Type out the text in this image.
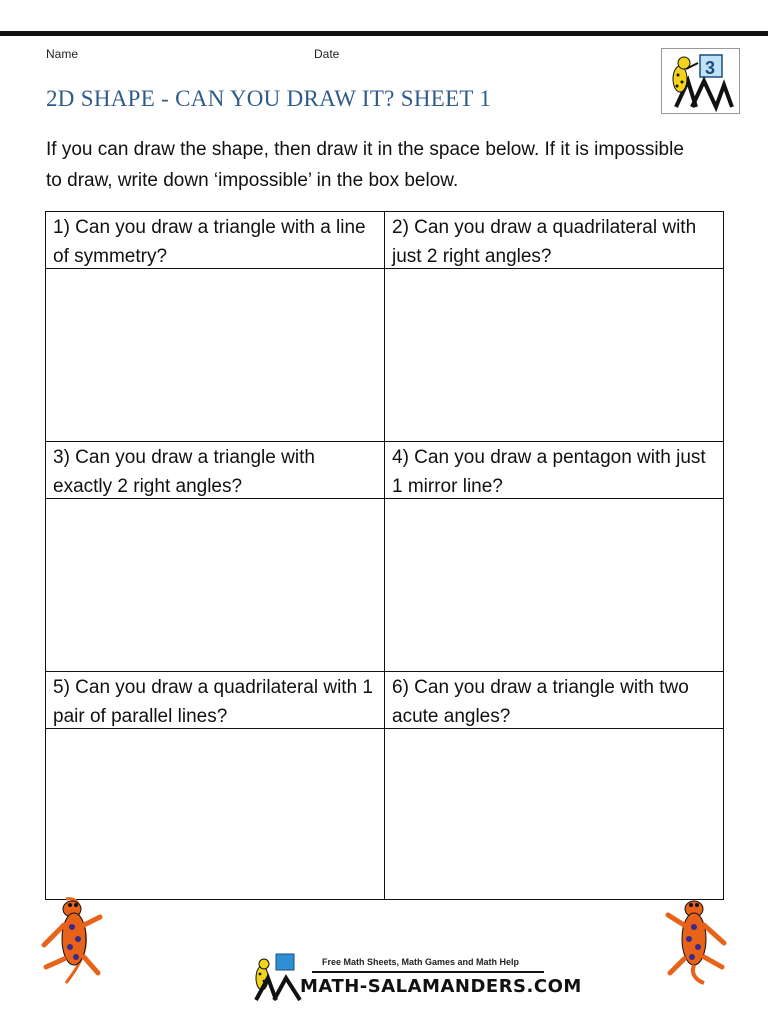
Name	Date
2D SHAPE - CAN YOU DRAW IT? SHEET 1
3
If you can draw the shape, then draw it in the space below. If it is impossible to draw, write down ‘impossible’ in the box below.
1) Can you draw a triangle with a line of symmetry?	2) Can you draw a quadrilateral with just 2 right angles?

3) Can you draw a triangle with exactly 2 right angles?	4) Can you draw a pentagon with just 1 mirror line?

5) Can you draw a quadrilateral with 1 pair of parallel lines?	6) Can you draw a triangle with two acute angles?

Free Math Sheets, Math Games and Math Help
MATH-SALAMANDERS.COM
